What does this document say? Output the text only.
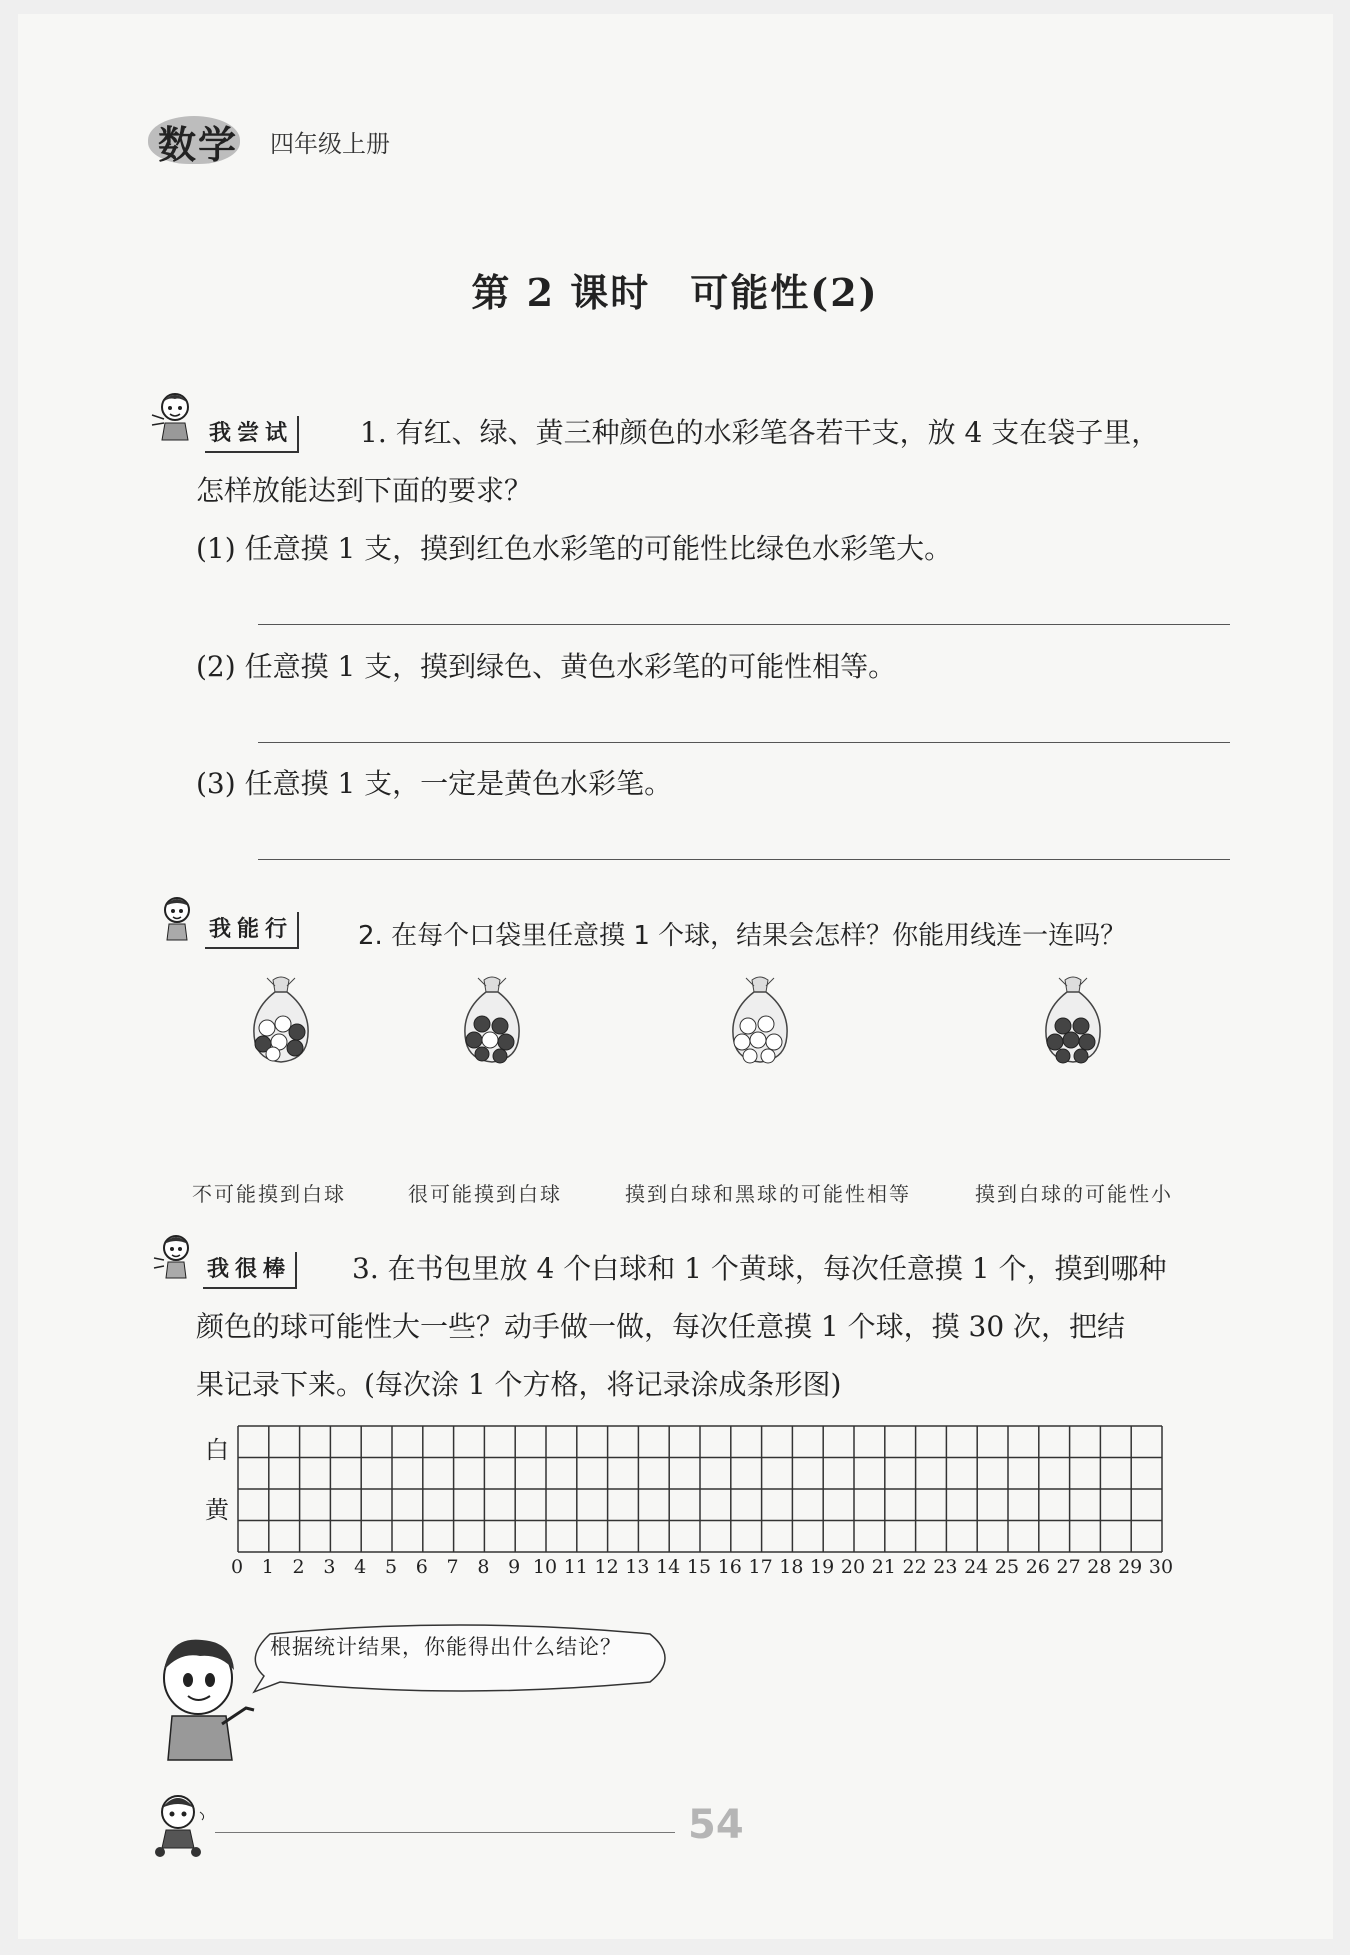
数学 四年级上册
第 2 课时　可能性(2)
我尝试 1. 有红、绿、黄三种颜色的水彩笔各若干支，放 4 支在袋子里，
怎样放能达到下面的要求？
(1) 任意摸 1 支，摸到红色水彩笔的可能性比绿色水彩笔大。
(2) 任意摸 1 支，摸到绿色、黄色水彩笔的可能性相等。
(3) 任意摸 1 支，一定是黄色水彩笔。
我能行 2. 在每个口袋里任意摸 1 个球，结果会怎样？你能用线连一连吗？
不可能摸到白球	很可能摸到白球	摸到白球和黑球的可能性相等	摸到白球的可能性小
我很棒 3. 在书包里放 4 个白球和 1 个黄球，每次任意摸 1 个，摸到哪种
颜色的球可能性大一些？动手做一做，每次任意摸 1 个球，摸 30 次，把结
果记录下来。(每次涂 1 个方格，将记录涂成条形图)
白
黄
0 1 2 3 4 5 6 7 8 9 10 11 12 13 14 15 16 17 18 19 20 21 22 23 24 25 26 27 28 29 30
根据统计结果，你能得出什么结论？
54
